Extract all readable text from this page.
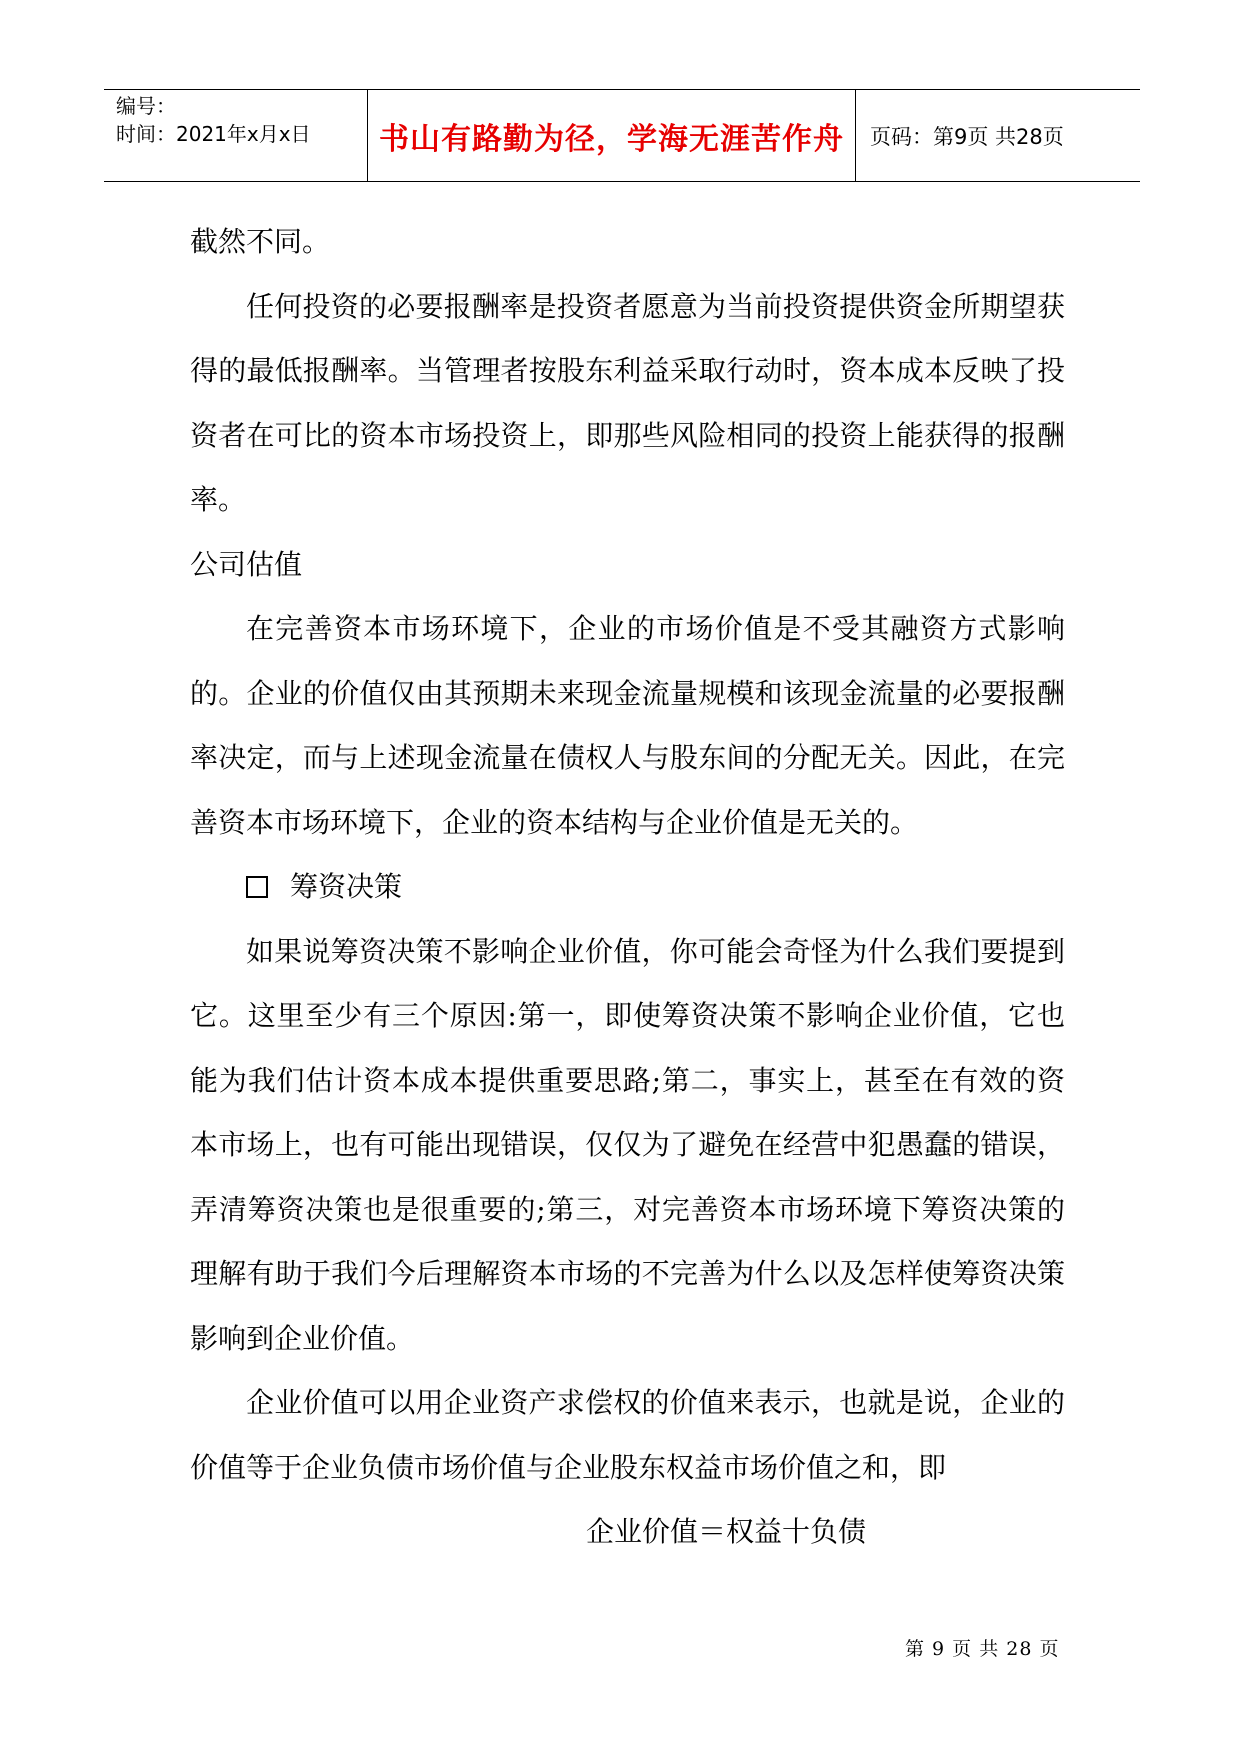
编号：
时间：2021年x月x日	书山有路勤为径，学海无涯苦作舟 页码：第9页 共28页

截然不同。

任何投资的必要报酬率是投资者愿意为当前投资提供资金所期望获得的最低报酬率。当管理者按股东利益采取行动时，资本成本反映了投资者在可比的资本市场投资上，即那些风险相同的投资上能获得的报酬率。

公司估值

在完善资本市场环境下，企业的市场价值是不受其融资方式影响的。企业的价值仅由其预期未来现金流量规模和该现金流量的必要报酬率决定，而与上述现金流量在债权人与股东间的分配无关。因此，在完善资本市场环境下，企业的资本结构与企业价值是无关的。

筹资决策

如果说筹资决策不影响企业价值，你可能会奇怪为什么我们要提到它。这里至少有三个原因:第一，即使筹资决策不影响企业价值，它也能为我们估计资本成本提供重要思路;第二，事实上，甚至在有效的资本市场上，也有可能出现错误，仅仅为了避免在经营中犯愚蠢的错误，弄清筹资决策也是很重要的;第三，对完善资本市场环境下筹资决策的理解有助于我们今后理解资本市场的不完善为什么以及怎样使筹资决策影响到企业价值。

企业价值可以用企业资产求偿权的价值来表示，也就是说，企业的价值等于企业负债市场价值与企业股东权益市场价值之和，即

企业价值＝权益十负债

第 9 页 共 28 页
